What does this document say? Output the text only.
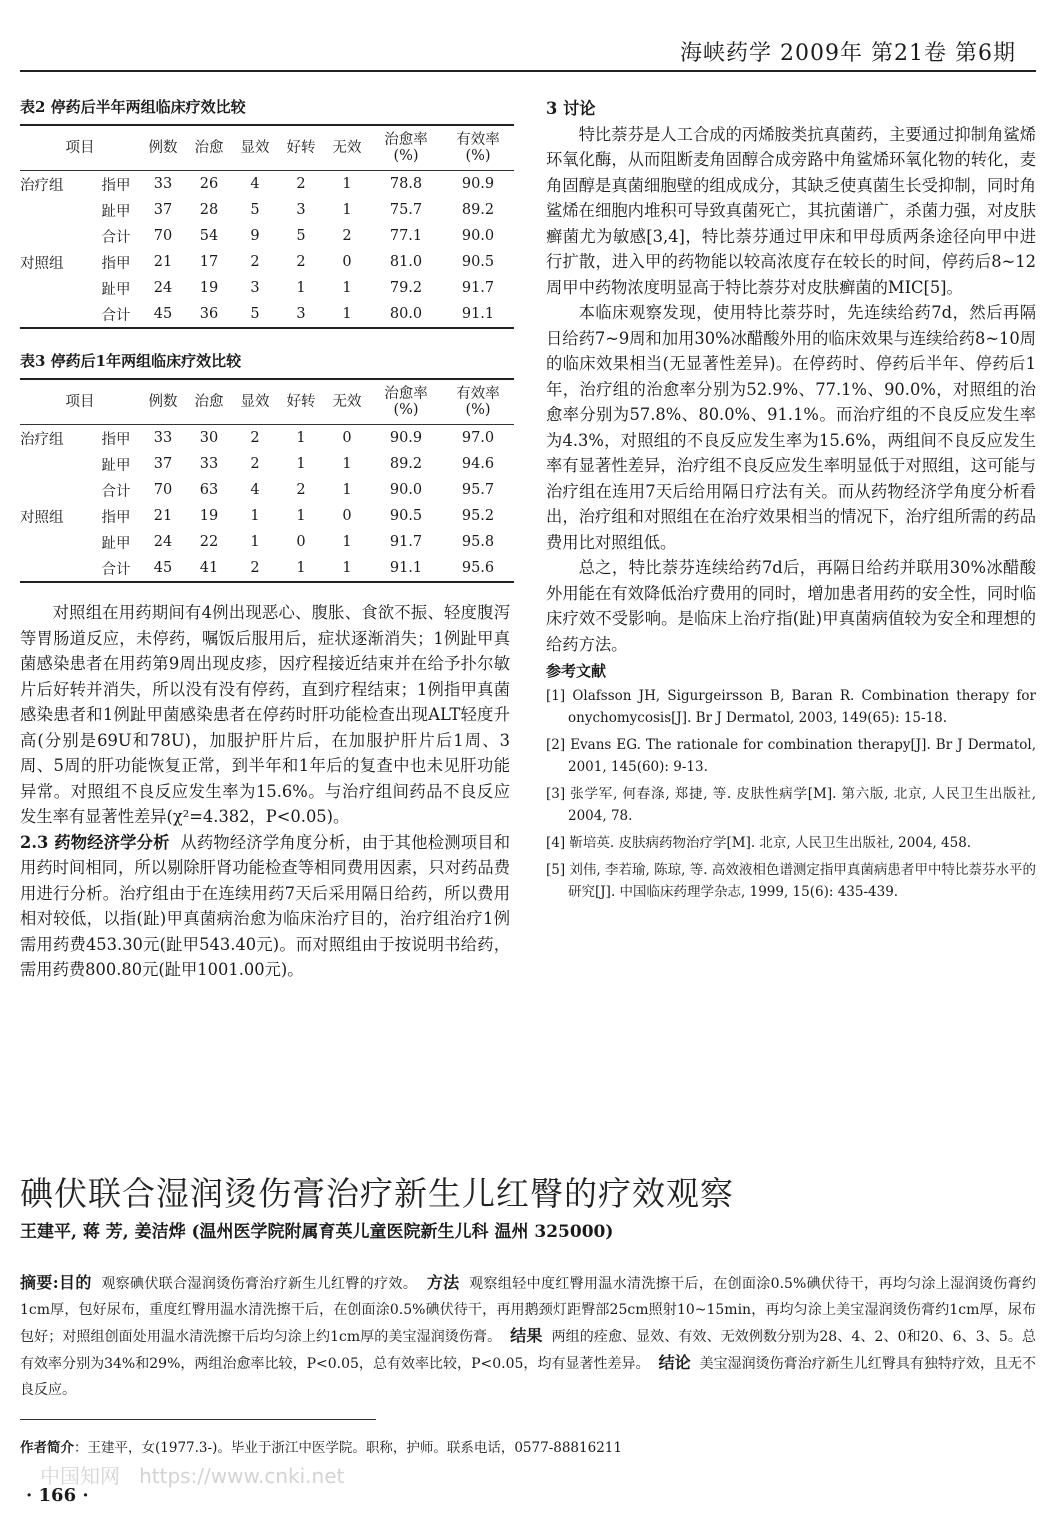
海峡药学 2009年 第21卷 第6期
表2 停药后半年两组临床疗效比较
项目		例数	治愈	显效	好转	无效	治愈率
(%)	有效率
(%)
治疗组	指甲	33	26	4	2	1	78.8	90.9
	趾甲	37	28	5	3	1	75.7	89.2
	合计	70	54	9	5	2	77.1	90.0
对照组	指甲	21	17	2	2	0	81.0	90.5
	趾甲	24	19	3	1	1	79.2	91.7
	合计	45	36	5	3	1	80.0	91.1
表3 停药后1年两组临床疗效比较
项目		例数	治愈	显效	好转	无效	治愈率
(%)	有效率
(%)
治疗组	指甲	33	30	2	1	0	90.9	97.0
	趾甲	37	33	2	1	1	89.2	94.6
	合计	70	63	4	2	1	90.0	95.7
对照组	指甲	21	19	1	1	0	90.5	95.2
	趾甲	24	22	1	0	1	91.7	95.8
	合计	45	41	2	1	1	91.1	95.6

对照组在用药期间有4例出现恶心、腹胀、食欲不振、轻度腹泻等胃肠道反应，未停药，嘱饭后服用后，症状逐渐消失；1例趾甲真菌感染患者在用药第9周出现皮疹，因疗程接近结束并在给予扑尔敏片后好转并消失，所以没有没有停药，直到疗程结束；1例指甲真菌感染患者和1例趾甲菌感染患者在停药时肝功能检查出现ALT轻度升高(分别是69U和78U)，加服护肝片后，在加服护肝片后1周、3周、5周的肝功能恢复正常，到半年和1年后的复查中也未见肝功能异常。对照组不良反应发生率为15.6%。与治疗组间药品不良反应发生率有显著性差异(χ²=4.382，P<0.05)。

2.3 药物经济学分析 从药物经济学角度分析，由于其他检测项目和用药时间相同，所以剔除肝肾功能检查等相同费用因素，只对药品费用进行分析。治疗组由于在连续用药7天后采用隔日给药，所以费用相对较低，以指(趾)甲真菌病治愈为临床治疗目的，治疗组治疗1例需用药费453.30元(趾甲543.40元)。而对照组由于按说明书给药，需用药费800.80元(趾甲1001.00元)。

3 讨论

特比萘芬是人工合成的丙烯胺类抗真菌药，主要通过抑制角鲨烯环氧化酶，从而阻断麦角固醇合成旁路中角鲨烯环氧化物的转化，麦角固醇是真菌细胞壁的组成成分，其缺乏使真菌生长受抑制，同时角鲨烯在细胞内堆积可导致真菌死亡，其抗菌谱广，杀菌力强，对皮肤癣菌尤为敏感[3,4]，特比萘芬通过甲床和甲母质两条途径向甲中进行扩散，进入甲的药物能以较高浓度存在较长的时间，停药后8~12周甲中药物浓度明显高于特比萘芬对皮肤癣菌的MIC[5]。

本临床观察发现，使用特比萘芬时，先连续给药7d，然后再隔日给药7~9周和加用30%冰醋酸外用的临床效果与连续给药8~10周的临床效果相当(无显著性差异)。在停药时、停药后半年、停药后1年，治疗组的治愈率分别为52.9%、77.1%、90.0%，对照组的治愈率分别为57.8%、80.0%、91.1%。而治疗组的不良反应发生率为4.3%，对照组的不良反应发生率为15.6%，两组间不良反应发生率有显著性差异，治疗组不良反应发生率明显低于对照组，这可能与治疗组在连用7天后给用隔日疗法有关。而从药物经济学角度分析看出，治疗组和对照组在在治疗效果相当的情况下，治疗组所需的药品费用比对照组低。

总之，特比萘芬连续给药7d后，再隔日给药并联用30%冰醋酸外用能在有效降低治疗费用的同时，增加患者用药的安全性，同时临床疗效不受影响。是临床上治疗指(趾)甲真菌病值较为安全和理想的给药方法。

参考文献
[1] Olafsson JH, Sigurgeirsson B, Baran R. Combination therapy for onychomycosis[J]. Br J Dermatol, 2003, 149(65): 15-18.
[2] Evans EG. The rationale for combination therapy[J]. Br J Dermatol, 2001, 145(60): 9-13.
[3] 张学军, 何春涤, 郑捷, 等. 皮肤性病学[M]. 第六版, 北京, 人民卫生出版社, 2004, 78.
[4] 靳培英. 皮肤病药物治疗学[M]. 北京, 人民卫生出版社, 2004, 458.
[5] 刘伟, 李若瑜, 陈琼, 等. 高效液相色谱测定指甲真菌病患者甲中特比萘芬水平的研究[J]. 中国临床药理学杂志, 1999, 15(6): 435-439.
碘伏联合湿润烫伤膏治疗新生儿红臀的疗效观察
王建平, 蒋 芳, 姜洁烨 (温州医学院附属育英儿童医院新生儿科 温州 325000)
摘要:目的 观察碘伏联合湿润烫伤膏治疗新生儿红臀的疗效。 方法 观察组轻中度红臀用温水清洗擦干后，在创面涂0.5%碘伏待干，再均匀涂上湿润烫伤膏约1cm厚，包好尿布，重度红臀用温水清洗擦干后，在创面涂0.5%碘伏待干，再用鹅颈灯距臀部25cm照射10~15min，再均匀涂上美宝湿润烫伤膏约1cm厚，尿布包好；对照组创面处用温水清洗擦干后均匀涂上约1cm厚的美宝湿润烫伤膏。 结果 两组的痊愈、显效、有效、无效例数分别为28、4、2、0和20、6、3、5。总有效率分别为34%和29%，两组治愈率比较，P<0.05，总有效率比较，P<0.05，均有显著性差异。 结论 美宝湿润烫伤膏治疗新生儿红臀具有独特疗效，且无不良反应。
作者简介：王建平，女(1977.3-)。毕业于浙江中医学院。职称，护师。联系电话，0577-88816211
中国知网 https://www.cnki.net
· 166 ·
